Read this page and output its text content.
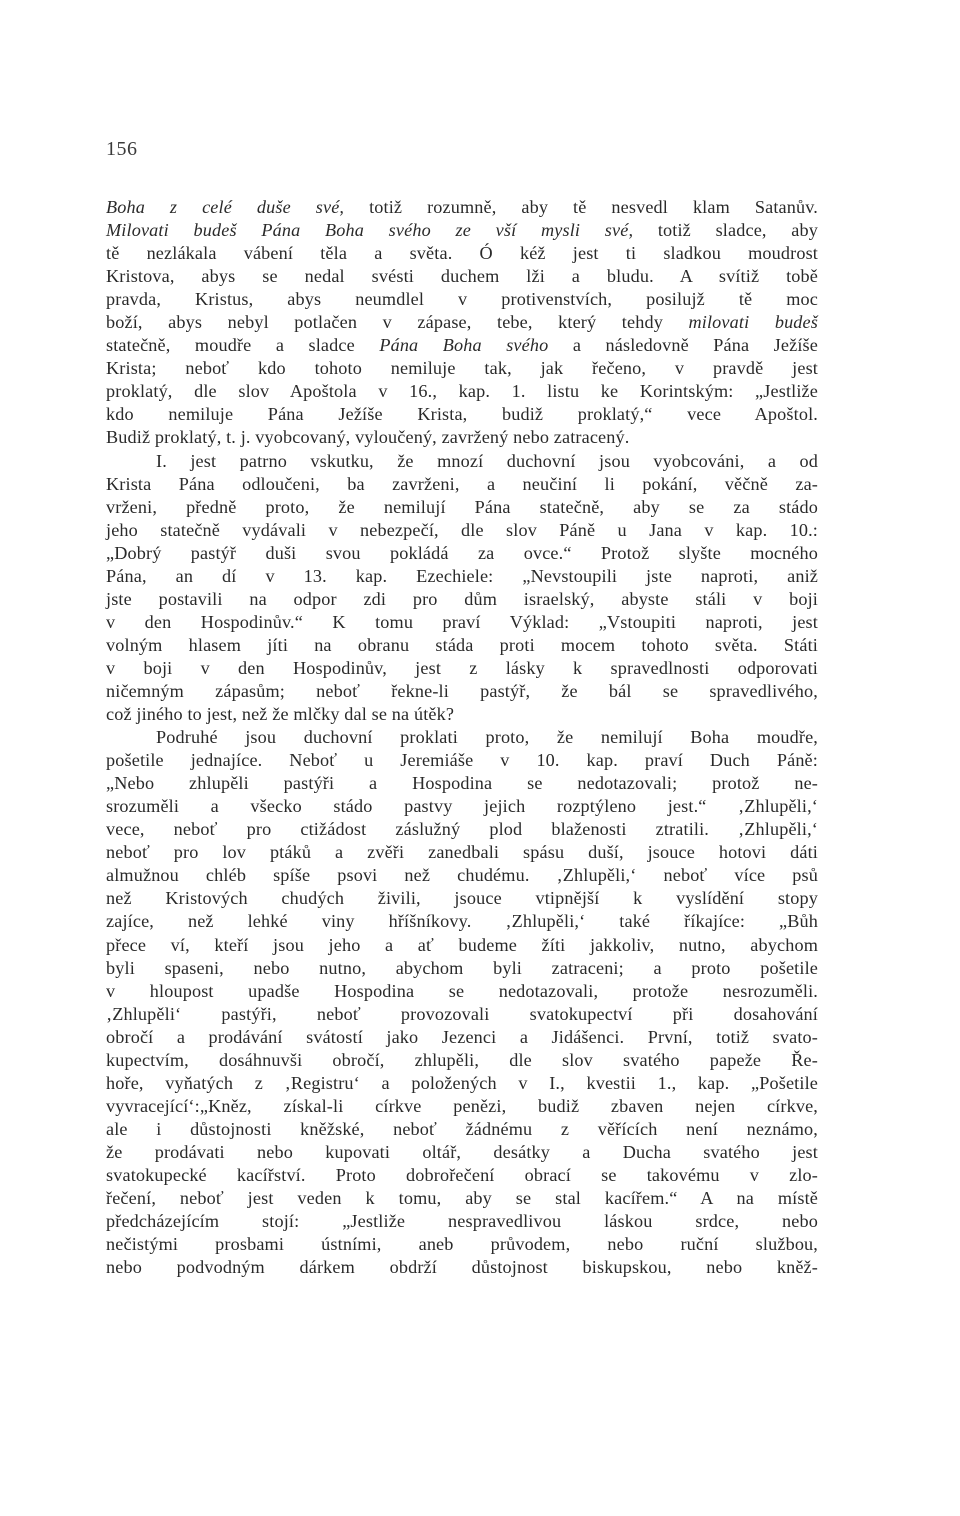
156
Boha z celé duše své, totiž rozumně, aby tě nesvedl klam Satanův.
Milovati budeš Pána Boha svého ze vší mysli své, totiž sladce, aby
tě nezlákala vábení těla a světa. Ó kéž jest ti sladkou moudrost
Kristova, abys se nedal svésti duchem lži a bludu. A svítiž tobě
pravda, Kristus, abys neumdlel v protivenstvích, posilujž tě moc
boží, abys nebyl potlačen v zápase, tebe, který tehdy milovati budeš
statečně, moudře a sladce Pána Boha svého a následovně Pána Ježíše
Krista; neboť kdo tohoto nemiluje tak, jak řečeno, v pravdě jest
proklatý, dle slov Apoštola v 16., kap. 1. listu ke Korintským: „Jestliže
kdo nemiluje Pána Ježíše Krista, budiž proklatý,“ vece Apoštol.
Budiž proklatý, t. j. vyobcovaný, vyloučený, zavržený nebo zatracený.
I. jest patrno vskutku, že mnozí duchovní jsou vyobcováni, a od
Krista Pána odloučeni, ba zavrženi, a neučiní li pokání, věčně za-
vrženi, předně proto, že nemilují Pána statečně, aby se za stádo
jeho statečně vydávali v nebezpečí, dle slov Páně u Jana v kap. 10.:
„Dobrý pastýř duši svou pokládá za ovce.“ Protož slyšte mocného
Pána, an dí v 13. kap. Ezechiele: „Nevstoupili jste naproti, aniž
jste postavili na odpor zdi pro dům israelský, abyste stáli v boji
v den Hospodinův.“ K tomu praví Výklad: „Vstoupiti naproti, jest
volným hlasem jíti na obranu stáda proti mocem tohoto světa. Státi
v boji v den Hospodinův, jest z lásky k spravedlnosti odporovati
ničemným zápasům; neboť řekne-li pastýř, že bál se spravedlivého,
což jiného to jest, než že mlčky dal se na útěk?
Podruhé jsou duchovní proklati proto, že nemilují Boha moudře,
pošetile jednajíce. Neboť u Jeremiáše v 10. kap. praví Duch Páně:
„Nebo zhlupěli pastýři a Hospodina se nedotazovali; protož ne-
srozuměli a všecko stádo pastvy jejich rozptýleno jest.“ ‚Zhlupěli,‘
vece, neboť pro ctižádost záslužný plod blaženosti ztratili. ‚Zhlupěli,‘
neboť pro lov ptáků a zvěři zanedbali spásu duší, jsouce hotovi dáti
almužnou chléb spíše psovi než chudému. ‚Zhlupěli,‘ neboť více psů
než Kristových chudých živili, jsouce vtipnější k vyslídění stopy
zajíce, než lehké viny hříšníkovy. ‚Zhlupěli,‘ také říkajíce: „Bůh
přece ví, kteří jsou jeho a ať budeme žíti jakkoliv, nutno, abychom
byli spaseni, nebo nutno, abychom byli zatraceni; a proto pošetile
v hloupost upadše Hospodina se nedotazovali, protože nesrozuměli.
‚Zhlupěli‘ pastýři, neboť provozovali svatokupectví při dosahování
obročí a prodávání svátostí jako Jezenci a Jidášenci. První, totiž svato-
kupectvím, dosáhnuvši obročí, zhlupěli, dle slov svatého papeže Ře-
hoře, vyňatých z ‚Registru‘ a položených v I., kvestii 1., kap. „Pošetile
vyvracející‘:„Kněz, získal-li církve penězi, budiž zbaven nejen církve,
ale i důstojnosti kněžské, neboť žádnému z věřících není neznámo,
že prodávati nebo kupovati oltář, desátky a Ducha svatého jest
svatokupecké kacířství. Proto dobrořečení obrací se takovému v zlo-
řečení, neboť jest veden k tomu, aby se stal kacířem.“ A na místě
předcházejícím stojí: „Jestliže nespravedlivou láskou srdce, nebo
nečistými prosbami ústními, aneb průvodem, nebo ruční službou,
nebo podvodným dárkem obdrží důstojnost biskupskou, nebo kněž-
